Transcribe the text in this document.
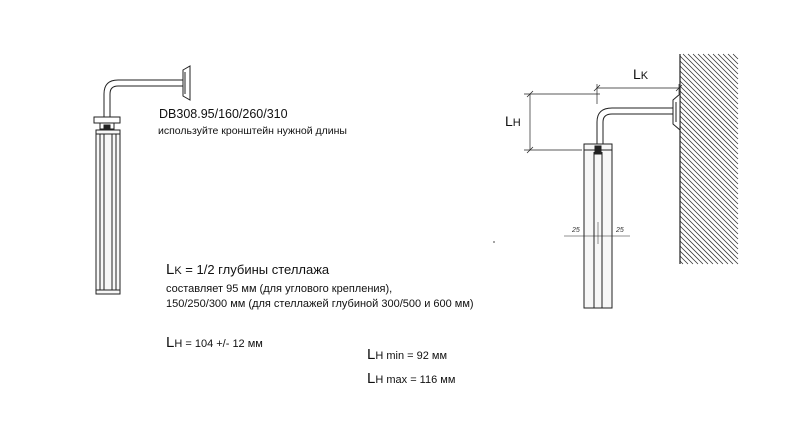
25	25
DB308.95/160/260/310
используйте кронштейн нужной длины
LK = 1/2 глубины стеллажа
составляет 95 мм (для углового крепления),
150/250/300 мм (для стеллажей глубиной 300/500 и 600 мм)
LH = 104 +/- 12 мм
LH min = 92 мм
LH max = 116 мм
LK
LH
